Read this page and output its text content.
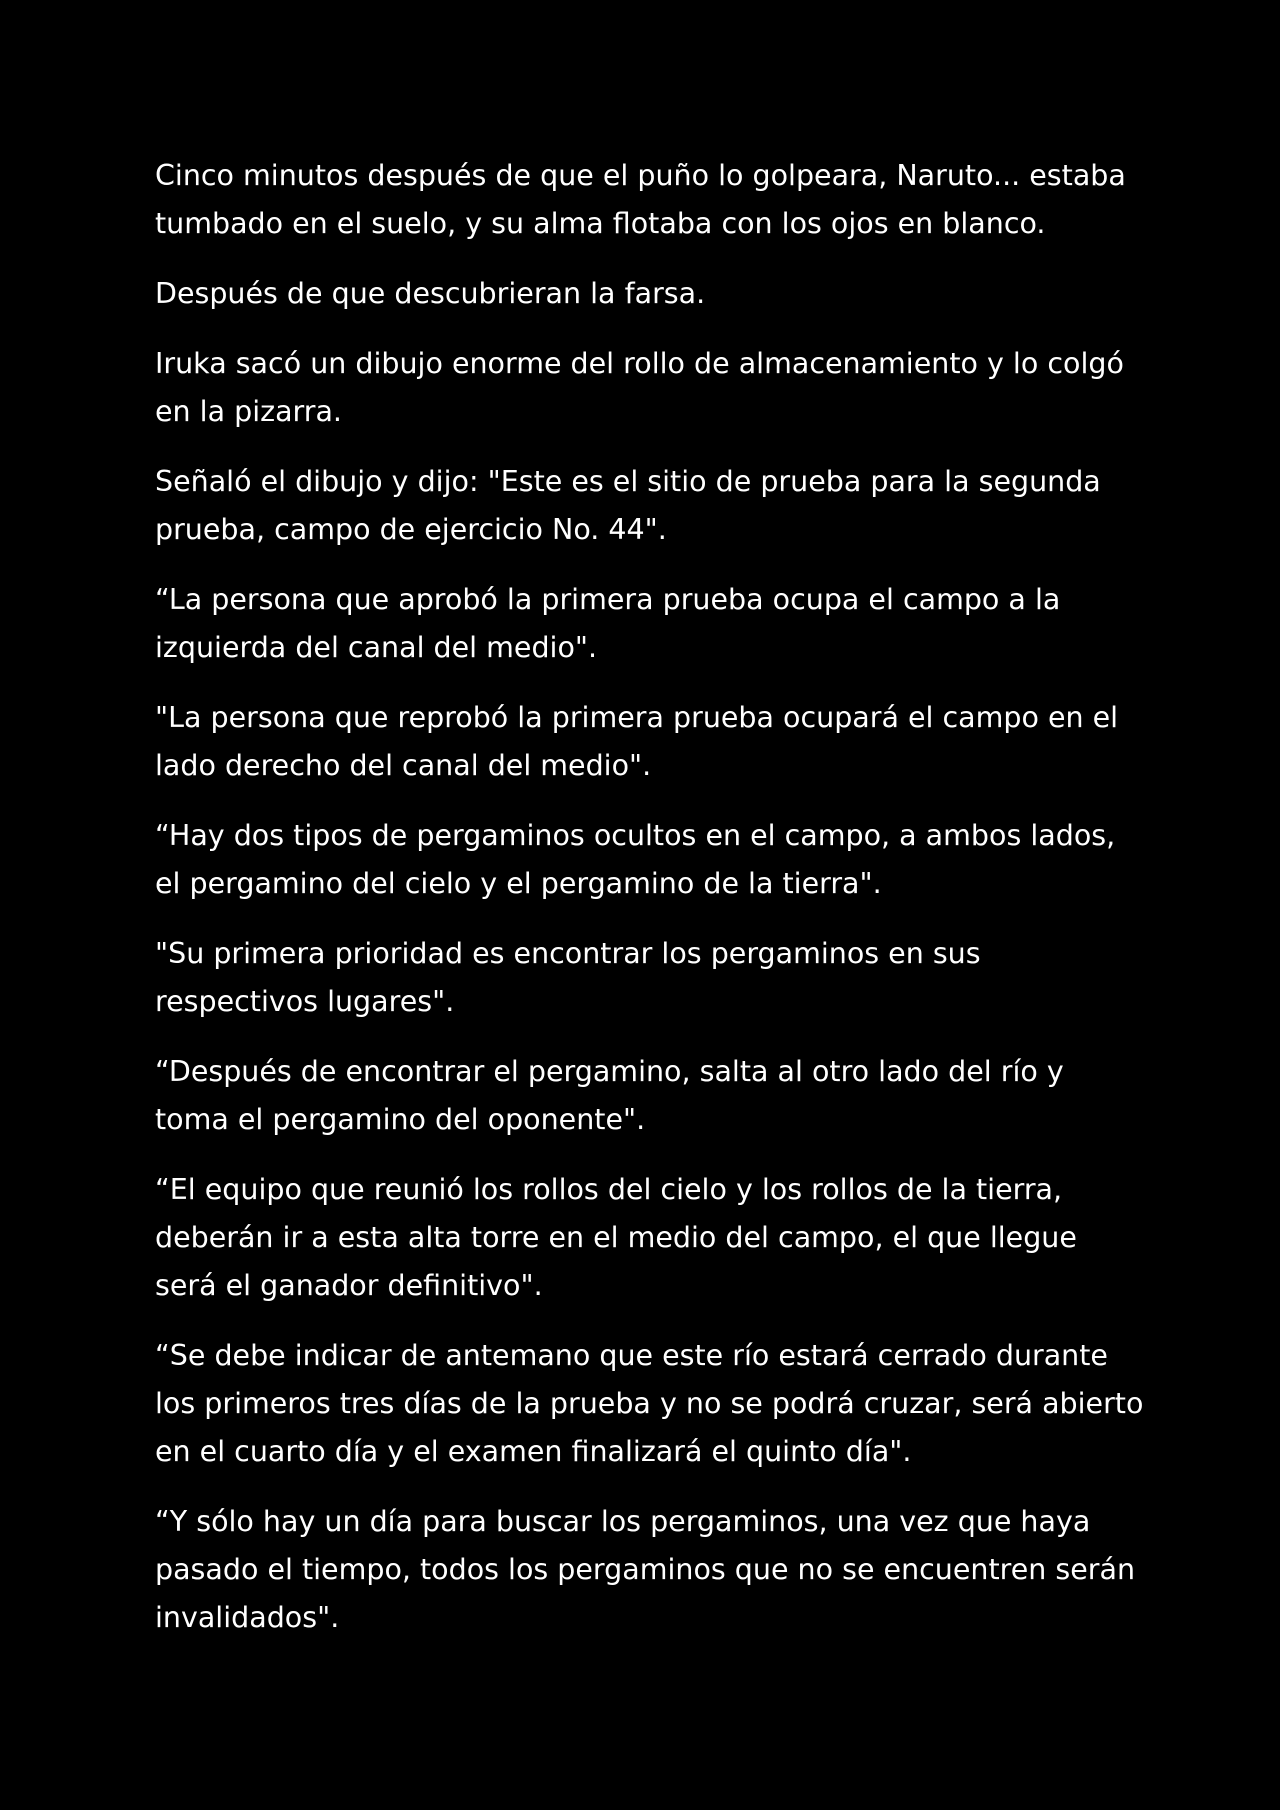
Cinco minutos después de que el puño lo golpeara, Naruto... estaba tumbado en el suelo, y su alma flotaba con los ojos en blanco.

Después de que descubrieran la farsa.

Iruka sacó un dibujo enorme del rollo de almacenamiento y lo colgó en la pizarra.

Señaló el dibujo y dijo: "Este es el sitio de prueba para la segunda prueba, campo de ejercicio No. 44".

“La persona que aprobó la primera prueba ocupa el campo a la izquierda del canal del medio".

"La persona que reprobó la primera prueba ocupará el campo en el lado derecho del canal del medio".

“Hay dos tipos de pergaminos ocultos en el campo, a ambos lados, el pergamino del cielo y el pergamino de la tierra".

"Su primera prioridad es encontrar los pergaminos en sus respectivos lugares".

“Después de encontrar el pergamino, salta al otro lado del río y toma el pergamino del oponente".

“El equipo que reunió los rollos del cielo y los rollos de la tierra, deberán ir a esta alta torre en el medio del campo, el que llegue será el ganador definitivo".

“Se debe indicar de antemano que este río estará cerrado durante los primeros tres días de la prueba y no se podrá cruzar, será abierto en el cuarto día y el examen finalizará el quinto día".

“Y sólo hay un día para buscar los pergaminos, una vez que haya pasado el tiempo, todos los pergaminos que no se encuentren serán invalidados".
